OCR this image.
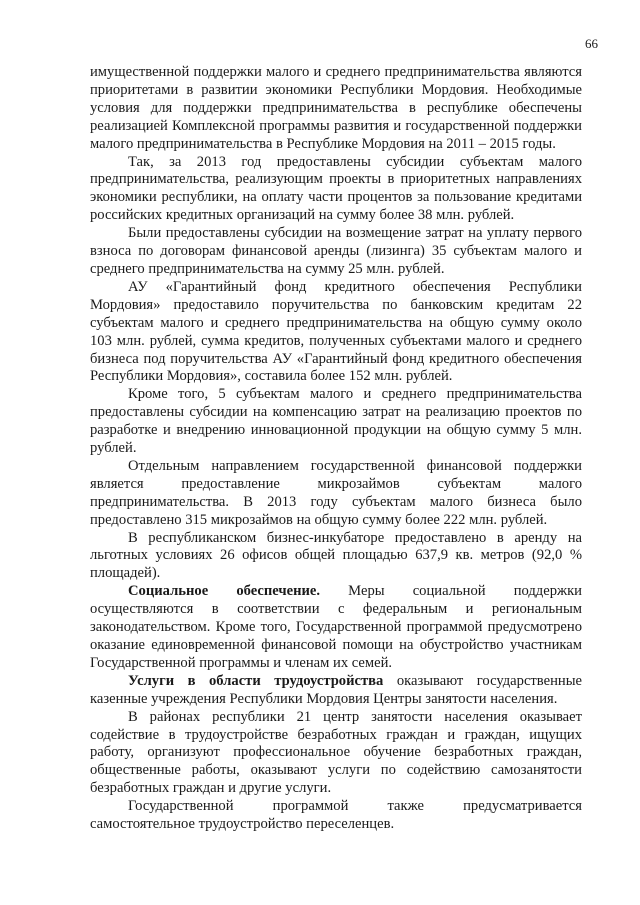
66

имущественной поддержки малого и среднего предпринимательства являются приоритетами в развитии экономики Республики Мордовия. Необходимые условия для поддержки предпринимательства в республике обеспечены реализацией Комплексной программы развития и государственной поддержки малого предпринимательства в Республике Мордовия на 2011 – 2015 годы.

Так, за 2013 год предоставлены субсидии субъектам малого предпринимательства, реализующим проекты в приоритетных направлениях экономики республики, на оплату части процентов за пользование кредитами российских кредитных организаций на сумму более 38 млн. рублей.

Были предоставлены субсидии на возмещение затрат на уплату первого взноса по договорам финансовой аренды (лизинга) 35 субъектам малого и среднего предпринимательства на сумму 25 млн. рублей.

АУ «Гарантийный фонд кредитного обеспечения Республики Мордовия» предоставило поручительства по банковским кредитам 22 субъектам малого и среднего предпринимательства на общую сумму около 103 млн. рублей, сумма кредитов, полученных субъектами малого и среднего бизнеса под поручительства АУ «Гарантийный фонд кредитного обеспечения Республики Мордовия», составила более 152 млн. рублей.

Кроме того, 5 субъектам малого и среднего предпринимательства предоставлены субсидии на компенсацию затрат на реализацию проектов по разработке и внедрению инновационной продукции на общую сумму 5 млн. рублей.

Отдельным направлением государственной финансовой поддержки является предоставление микрозаймов субъектам малого предпринимательства. В 2013 году субъектам малого бизнеса было предоставлено 315 микрозаймов на общую сумму более 222 млн. рублей.

В республиканском бизнес-инкубаторе предоставлено в аренду на льготных условиях 26 офисов общей площадью 637,9 кв. метров (92,0 % площадей).

Социальное обеспечение. Меры социальной поддержки осуществляются в соответствии с федеральным и региональным законодательством. Кроме того, Государственной программой предусмотрено оказание единовременной финансовой помощи на обустройство участникам Государственной программы и членам их семей.

Услуги в области трудоустройства оказывают государственные казенные учреждения Республики Мордовия Центры занятости населения.

В районах республики 21 центр занятости населения оказывает содействие в трудоустройстве безработных граждан и граждан, ищущих работу, организуют профессиональное обучение безработных граждан, общественные работы, оказывают услуги по содействию самозанятости безработных граждан и другие услуги.

Государственной программой также предусматривается самостоятельное трудоустройство переселенцев.
